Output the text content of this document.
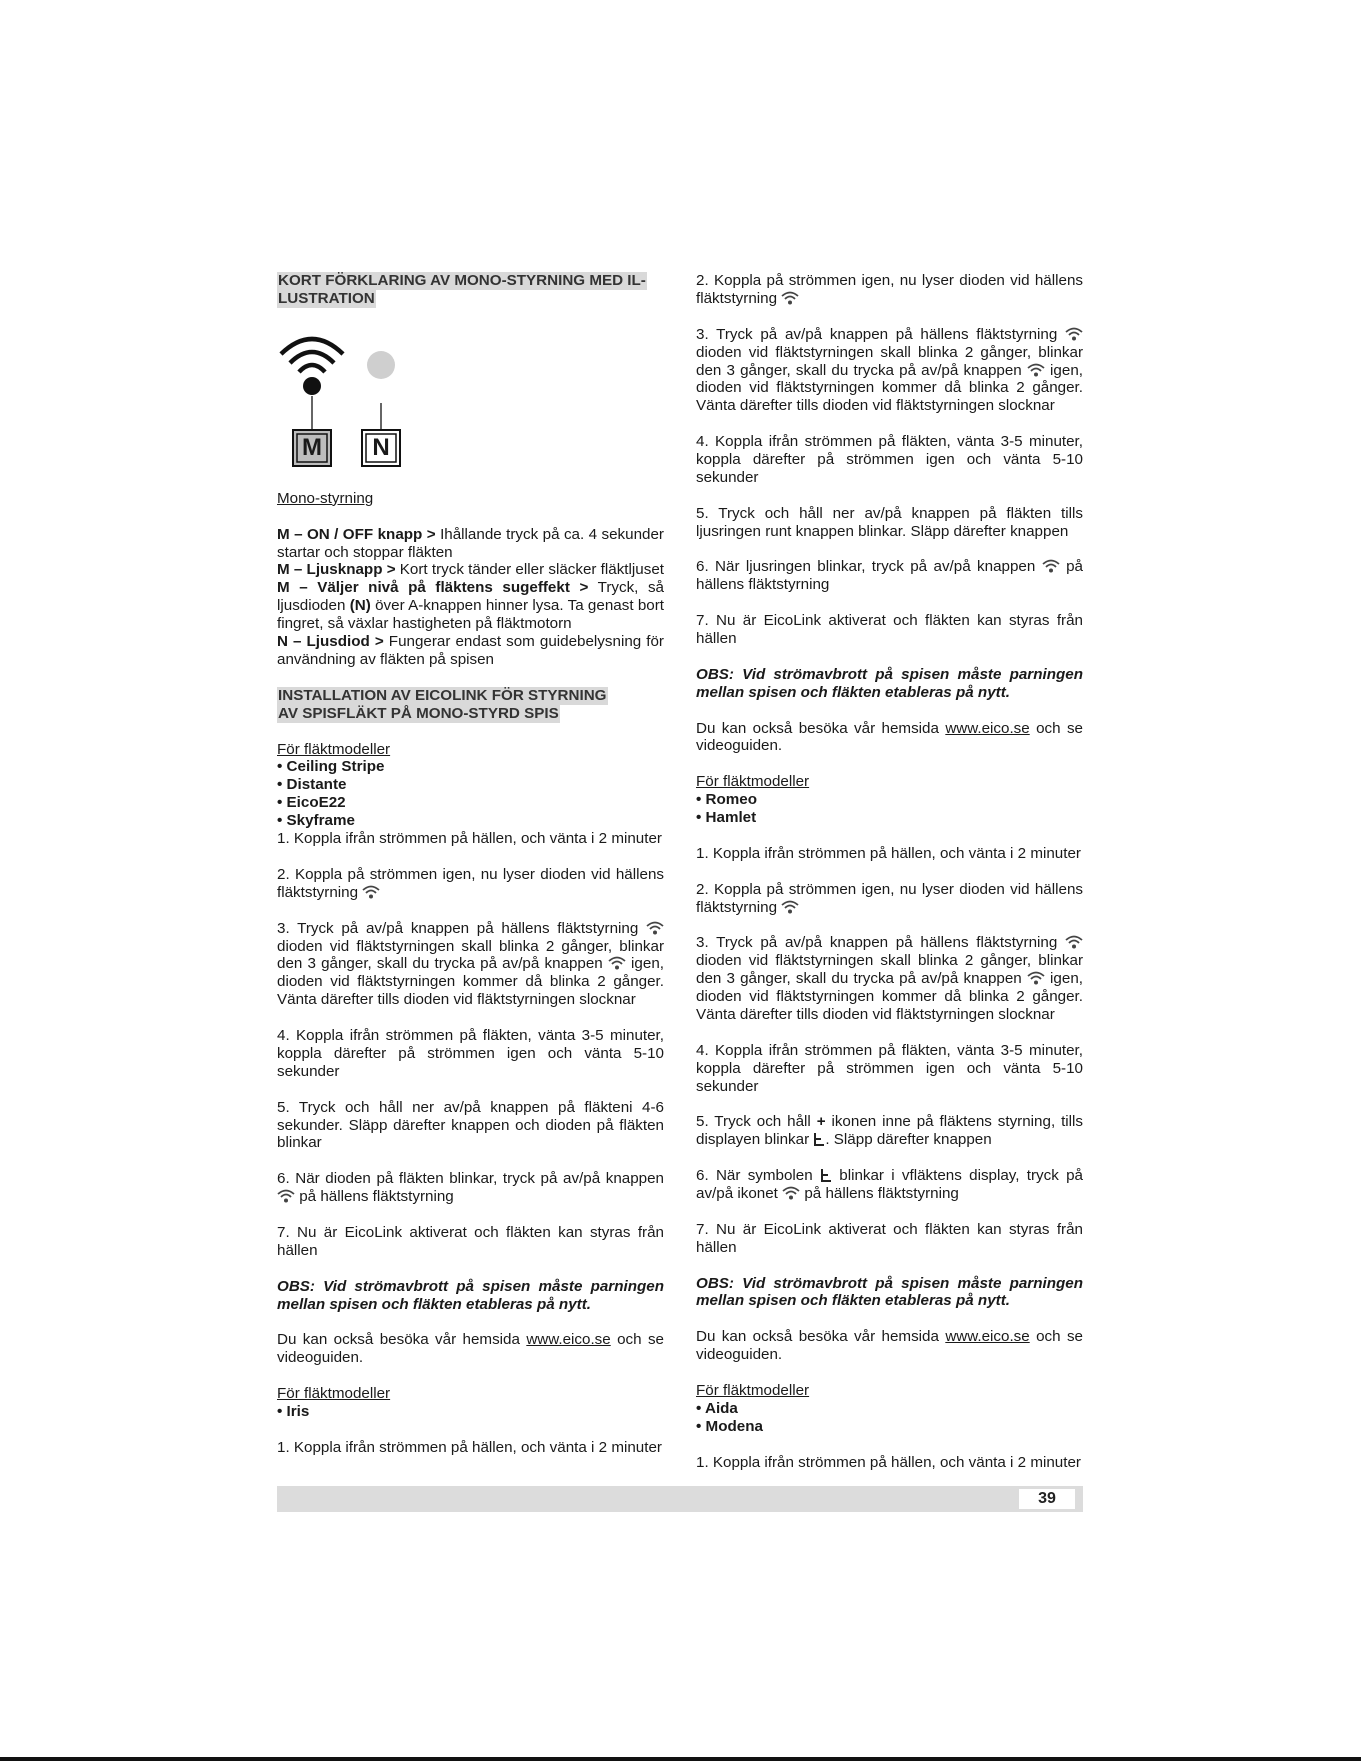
KORT FÖRKLARING AV MONO-STYRNING MED IL-
LUSTRATION
M	N

Mono-styrning

M – ON / OFF knapp > Ihållande tryck på ca. 4 sekunder startar och stoppar fläkten

M – Ljusknapp > Kort tryck tänder eller släcker fläktljuset

M – Väljer nivå på fläktens sugeffekt > Tryck, så ljusdioden (N) över A-knappen hinner lysa. Ta genast bort fingret, så växlar hastigheten på fläktmotorn

N – Ljusdiod > Fungerar endast som guidebelysning för användning av fläkten på spisen

INSTALLATION AV EICOLINK FÖR STYRNING
AV SPISFLÄKT PÅ MONO-STYRD SPIS

För fläktmodeller

• Ceiling Stripe

• Distante

• EicoE22

• Skyframe

1. Koppla ifrån strömmen på hällen, och vänta i 2 minuter

2. Koppla på strömmen igen, nu lyser dioden vid hällens fläktstyrning

3. Tryck på av/på knappen på hällens fläktstyrning
dioden vid fläktstyrningen skall blinka 2 gånger, blinkar den 3 gånger, skall du trycka på av/på knappen
igen, dioden vid fläktstyrningen kommer då blinka 2 gånger. Vänta därefter tills dioden vid fläktstyrningen slocknar

4. Koppla ifrån strömmen på fläkten, vänta 3-5 minuter, koppla därefter på strömmen igen och vänta 5-10 sekunder

5. Tryck och håll ner av/på knappen på fläkteni 4-6 sekunder. Släpp därefter knappen och dioden på fläkten blinkar

6. När dioden på fläkten blinkar, tryck på av/på knappen
på hällens fläktstyrning

7. Nu är EicoLink aktiverat och fläkten kan styras från hällen

OBS: Vid strömavbrott på spisen måste parningen mellan spisen och fläkten etableras på nytt.

Du kan också besöka vår hemsida www.eico.se och se videoguiden.

För fläktmodeller

• Iris

1. Koppla ifrån strömmen på hällen, och vänta i 2 minuter

2. Koppla på strömmen igen, nu lyser dioden vid hällens fläktstyrning

3. Tryck på av/på knappen på hällens fläktstyrning
dioden vid fläktstyrningen skall blinka 2 gånger, blinkar den 3 gånger, skall du trycka på av/på knappen
igen, dioden vid fläktstyrningen kommer då blinka 2 gånger. Vänta därefter tills dioden vid fläktstyrningen slocknar

4. Koppla ifrån strömmen på fläkten, vänta 3-5 minuter, koppla därefter på strömmen igen och vänta 5-10 sekunder

5. Tryck och håll ner av/på knappen på fläkten tills ljusringen runt knappen blinkar. Släpp därefter knappen

6. När ljusringen blinkar, tryck på av/på knappen
på hällens fläktstyrning

7. Nu är EicoLink aktiverat och fläkten kan styras från hällen

OBS: Vid strömavbrott på spisen måste parningen mellan spisen och fläkten etableras på nytt.

Du kan också besöka vår hemsida www.eico.se och se videoguiden.

För fläktmodeller

• Romeo

• Hamlet

1. Koppla ifrån strömmen på hällen, och vänta i 2 minuter

2. Koppla på strömmen igen, nu lyser dioden vid hällens fläktstyrning

3. Tryck på av/på knappen på hällens fläktstyrning
dioden vid fläktstyrningen skall blinka 2 gånger, blinkar den 3 gånger, skall du trycka på av/på knappen
igen, dioden vid fläktstyrningen kommer då blinka 2 gånger. Vänta därefter tills dioden vid fläktstyrningen slocknar

4. Koppla ifrån strömmen på fläkten, vänta 3-5 minuter, koppla därefter på strömmen igen och vänta 5-10 sekunder

5. Tryck och håll + ikonen inne på fläktens styrning, tills displayen blinkar
. Släpp därefter knappen

6. När symbolen
blinkar i vfläktens display, tryck på av/på ikonet
på hällens fläktstyrning

7. Nu är EicoLink aktiverat och fläkten kan styras från hällen

OBS: Vid strömavbrott på spisen måste parningen mellan spisen och fläkten etableras på nytt.

Du kan också besöka vår hemsida www.eico.se och se videoguiden.

För fläktmodeller

• Aida

• Modena

1. Koppla ifrån strömmen på hällen, och vänta i 2 minuter

39
